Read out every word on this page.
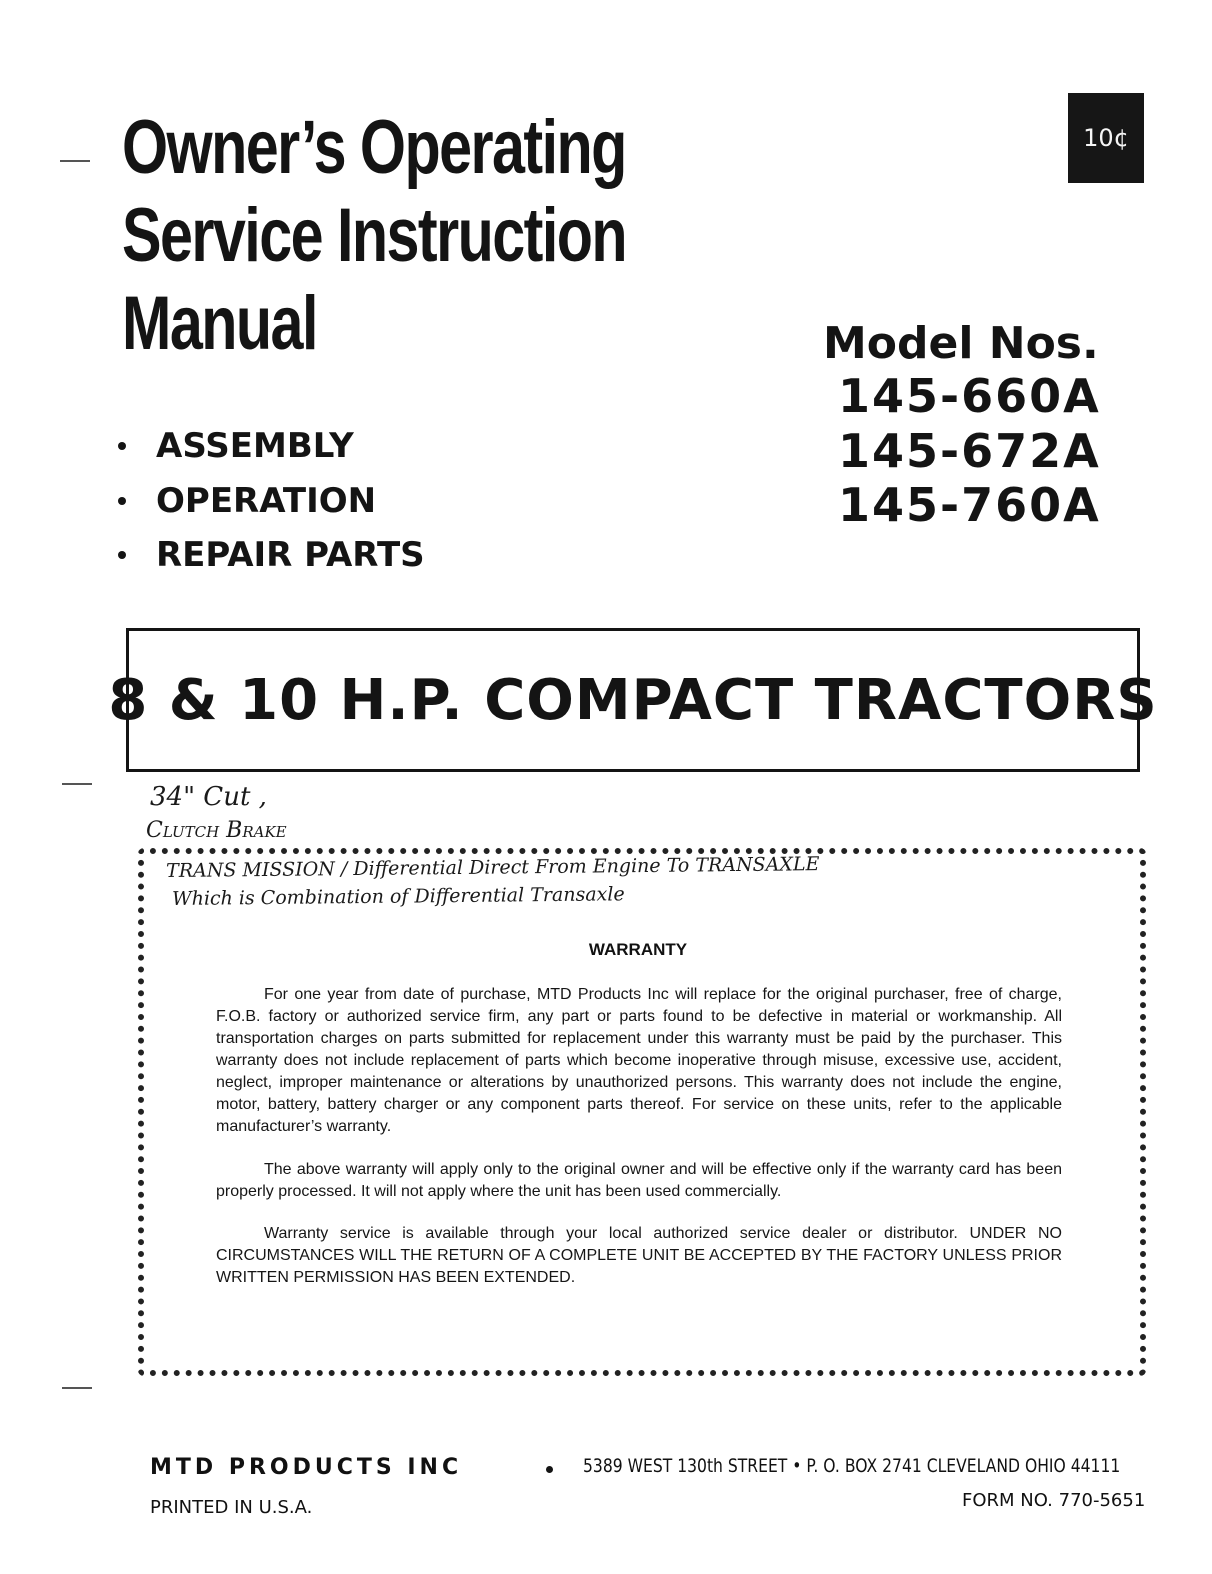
Owner’s Operating
Service Instruction
Manual
10¢
Model Nos.
145-660A
145-672A
145-760A
ASSEMBLY
OPERATION
REPAIR PARTS
8 & 10 H.P. COMPACT TRACTORS
34" Cut ,
Clutch Brake
TRANS MISSION / Differential Direct From Engine To TRANSAXLE
Which is Combination of Differential Transaxle
WARRANTY
For one year from date of purchase, MTD Products Inc will replace for the original purchaser, free of charge, F.O.B. factory or authorized service firm, any part or parts found to be defective in material or workmanship. All transportation charges on parts submitted for replacement under this warranty must be paid by the purchaser. This warranty does not include replacement of parts which become inoperative through misuse, excessive use, accident, neglect, improper maintenance or alterations by unauthorized persons. This warranty does not include the engine, motor, battery, battery charger or any component parts thereof. For service on these units, refer to the applicable manufacturer’s warranty.
The above warranty will apply only to the original owner and will be effective only if the warranty card has been properly processed. It will not apply where the unit has been used commercially.
Warranty service is available through your local authorized service dealer or distributor. UNDER NO CIRCUMSTANCES WILL THE RETURN OF A COMPLETE UNIT BE ACCEPTED BY THE FACTORY UNLESS PRIOR WRITTEN PERMISSION HAS BEEN EXTENDED.
MTD PRODUCTS INC	5389 WEST 130th STREET • P. O. BOX 2741 CLEVELAND OHIO 44111
PRINTED IN U.S.A.	FORM NO. 770-5651
